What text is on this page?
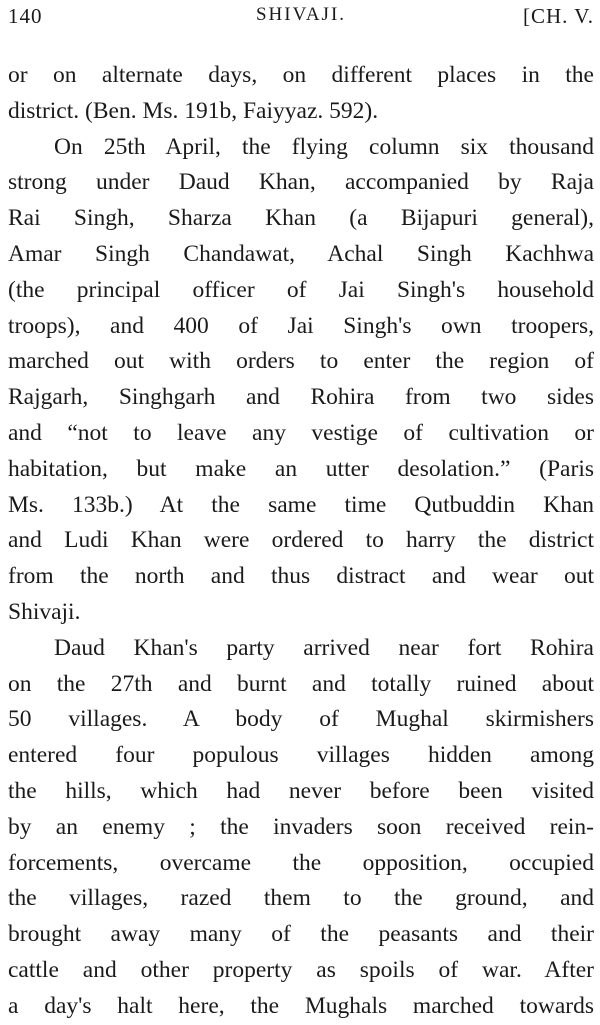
140	SHIVAJI.	[CH. V.
or on alternate days, on different places in the
district. (Ben. Ms. 191b, Faiyyaz. 592).
On 25th April, the flying column six thousand
strong under Daud Khan, accompanied by Raja
Rai Singh, Sharza Khan (a Bijapuri general),
Amar Singh Chandawat, Achal Singh Kachhwa
(the principal officer of Jai Singh's household
troops), and 400 of Jai Singh's own troopers,
marched out with orders to enter the region of
Rajgarh, Singhgarh and Rohira from two sides
and “not to leave any vestige of cultivation or
habitation, but make an utter desolation.” (Paris
Ms. 133b.) At the same time Qutbuddin Khan
and Ludi Khan were ordered to harry the district
from the north and thus distract and wear out
Shivaji.
Daud Khan's party arrived near fort Rohira
on the 27th and burnt and totally ruined about
50 villages. A body of Mughal skirmishers
entered four populous villages hidden among
the hills, which had never before been visited
by an enemy ; the invaders soon received rein-
forcements, overcame the opposition, occupied
the villages, razed them to the ground, and
brought away many of the peasants and their
cattle and other property as spoils of war. After
a day's halt here, the Mughals marched towards
